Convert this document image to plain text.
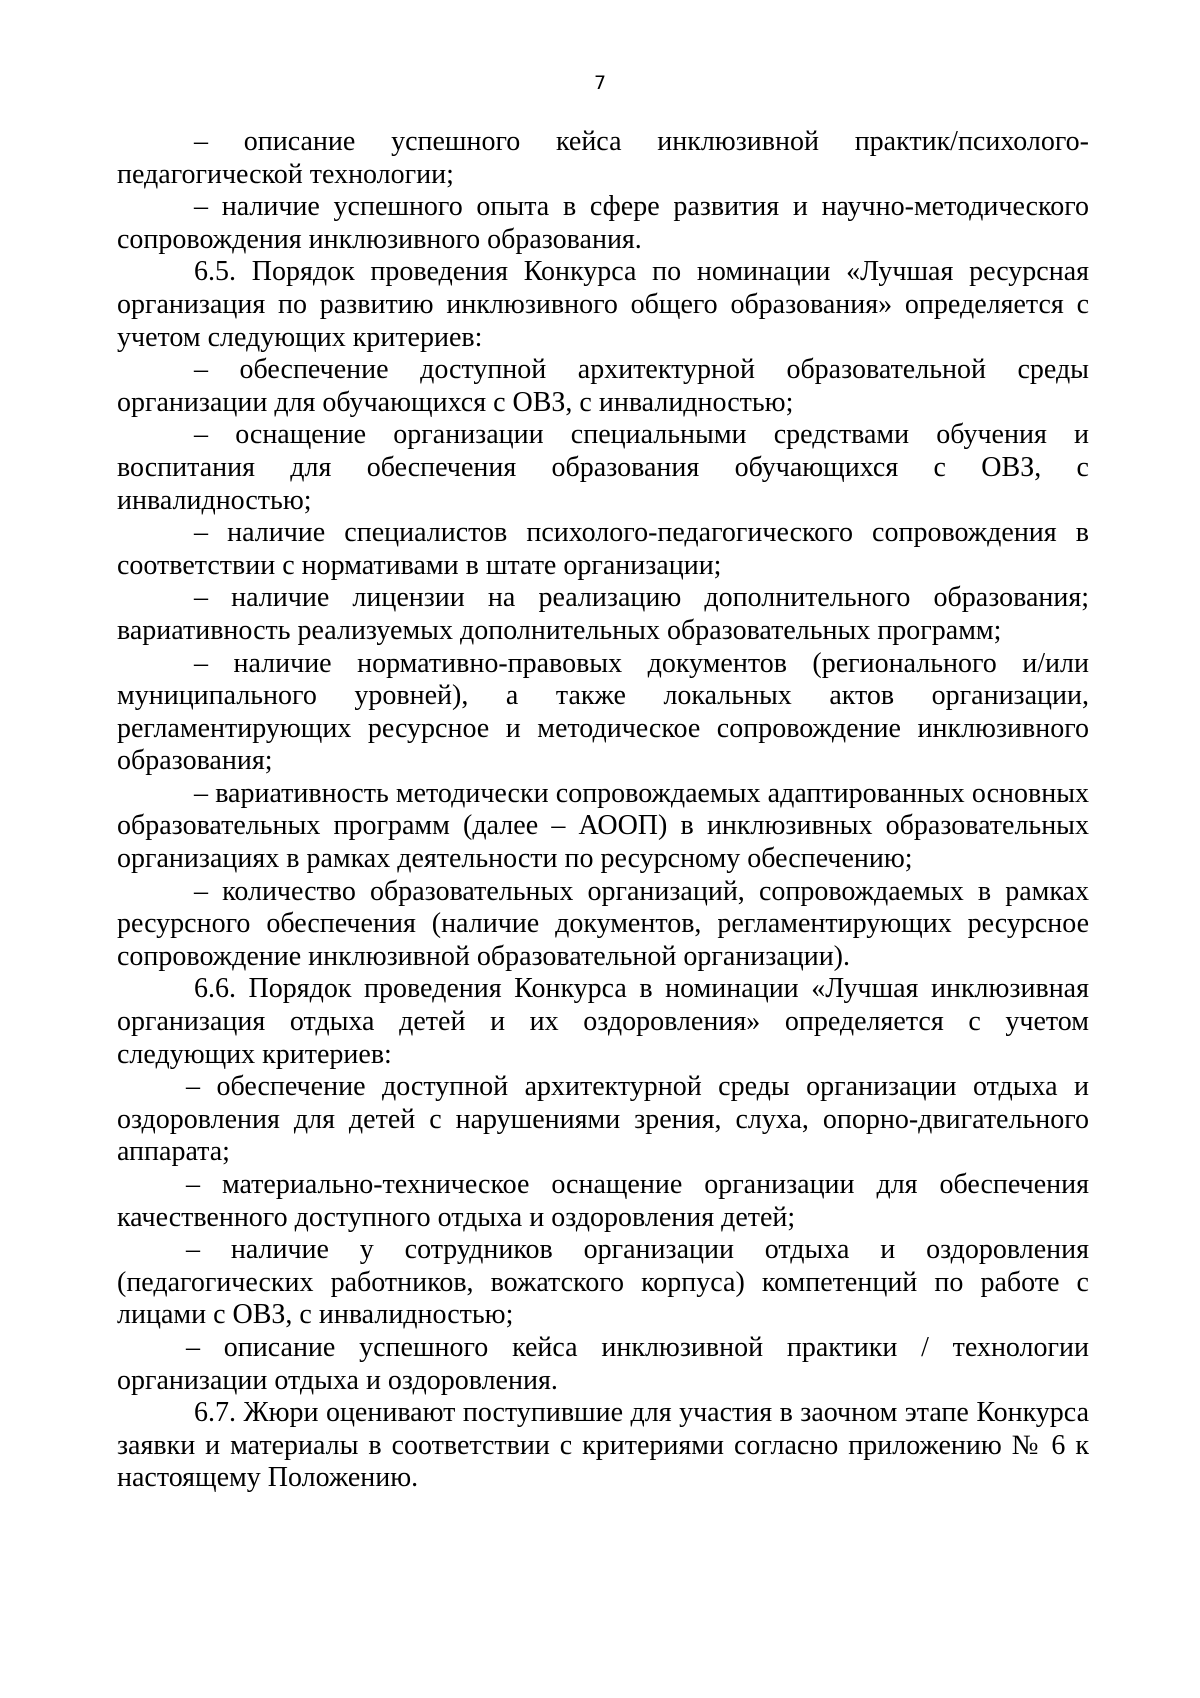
7

– описание успешного кейса инклюзивной практик/психолого-педагогической технологии;

– наличие успешного опыта в сфере развития и научно-методического сопровождения инклюзивного образования.

6.5. Порядок проведения Конкурса по номинации «Лучшая ресурсная организация по развитию инклюзивного общего образования» определяется с учетом следующих критериев:

– обеспечение доступной архитектурной образовательной среды организации для обучающихся с ОВЗ, с инвалидностью;

– оснащение организации специальными средствами обучения и воспитания для обеспечения образования обучающихся с ОВЗ, с инвалидностью;

– наличие специалистов психолого-педагогического сопровождения в соответствии с нормативами в штате организации;

– наличие лицензии на реализацию дополнительного образования; вариативность реализуемых дополнительных образовательных программ;

– наличие нормативно-правовых документов (регионального и/или муниципального уровней), а также локальных актов организации, регламентирующих ресурсное и методическое сопровождение инклюзивного образования;

– вариативность методически сопровождаемых адаптированных основных образовательных программ (далее – АООП) в инклюзивных образовательных организациях в рамках деятельности по ресурсному обеспечению;

– количество образовательных организаций, сопровождаемых в рамках ресурсного обеспечения (наличие документов, регламентирующих ресурсное сопровождение инклюзивной образовательной организации).

6.6. Порядок проведения Конкурса в номинации «Лучшая инклюзивная организация отдыха детей и их оздоровления» определяется с учетом следующих критериев:

– обеспечение доступной архитектурной среды организации отдыха и оздоровления для детей с нарушениями зрения, слуха, опорно-двигательного аппарата;

– материально-техническое оснащение организации для обеспечения качественного доступного отдыха и оздоровления детей;

– наличие у сотрудников организации отдыха и оздоровления (педагогических работников, вожатского корпуса) компетенций по работе с лицами с ОВЗ, с инвалидностью;

– описание успешного кейса инклюзивной практики / технологии организации отдыха и оздоровления.

6.7. Жюри оценивают поступившие для участия в заочном этапе Конкурса заявки и материалы в соответствии с критериями согласно приложению № 6 к настоящему Положению.
